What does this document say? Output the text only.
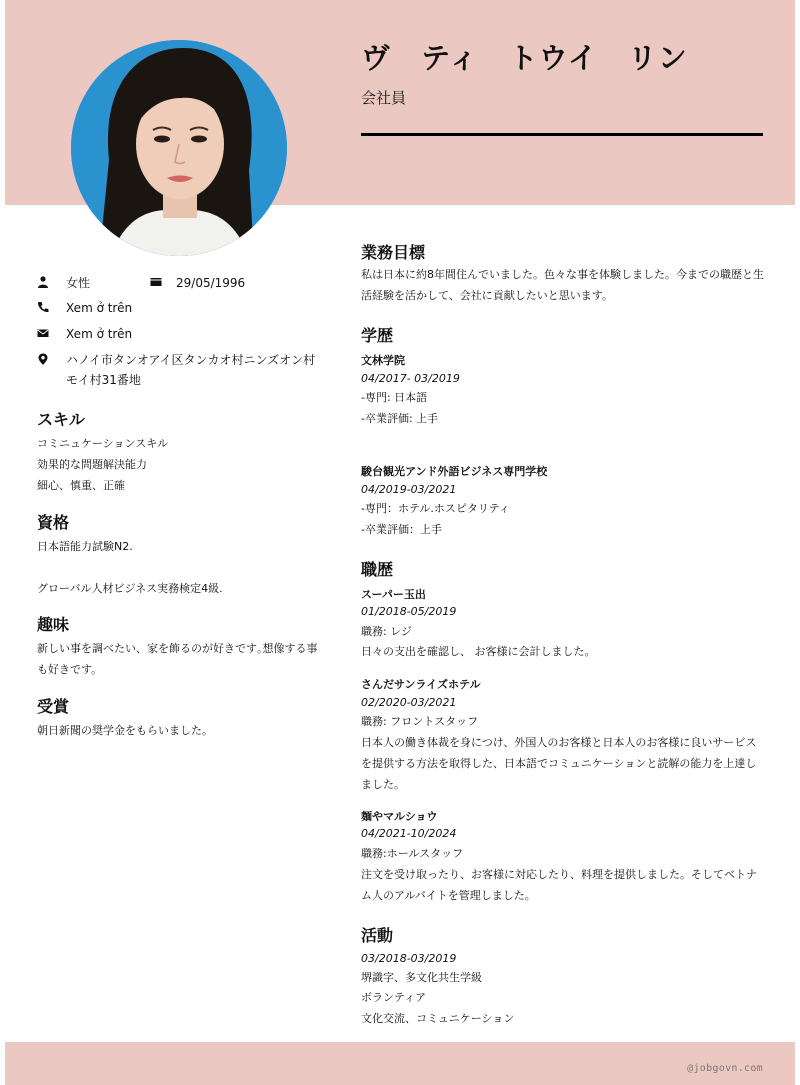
ヴ　ティ　トウイ　リン
会社員
女性	29/05/1996
Xem ở trên
Xem ở trên
ハノイ市タンオアイ区タンカオ村ニンズオン村モイ村31番地
スキル
コミニュケーションスキル
効果的な問題解決能力
細心、慎重、正確
資格
日本語能力試験N2.
グローバル人材ビジネス実務検定4級.
趣味
新しい事を調べたい、家を飾るのが好きです｡想像する事も好きです。
受賞
朝日新聞の奨学金をもらいました。
業務目標
私は日本に約8年間住んでいました。色々な事を体験しました。今までの職歴と生活経験を活かして、会社に貢献したいと思います。
学歴
文林学院
04/2017- 03/2019
-専門: 日本語
-卒業評価: 上手
駿台観光アンド外語ビジネス専門学校
04/2019-03/2021
-専門：ホテル.ホスピタリティ
-卒業評価：上手
職歴
スーパー玉出
01/2018-05/2019
職務: レジ
日々の支出を確認し、 お客様に会計しました。
さんだサンライズホテル
02/2020-03/2021
職務: フロントスタッフ
日本人の働き体裁を身につけ、外国人のお客様と日本人のお客様に良いサービスを提供する方法を取得した、日本語でコミュニケーションと読解の能力を上達しました。
麺やマルショウ
04/2021-10/2024
職務:ホールスタッフ
注文を受け取ったり、お客様に対応したり、料理を提供しました。そしてベトナム人のアルバイトを管理しました。
活動
03/2018-03/2019
堺識字、多文化共生学級
ボランティア
文化交流、コミュニケーション
@jobgovn.com
